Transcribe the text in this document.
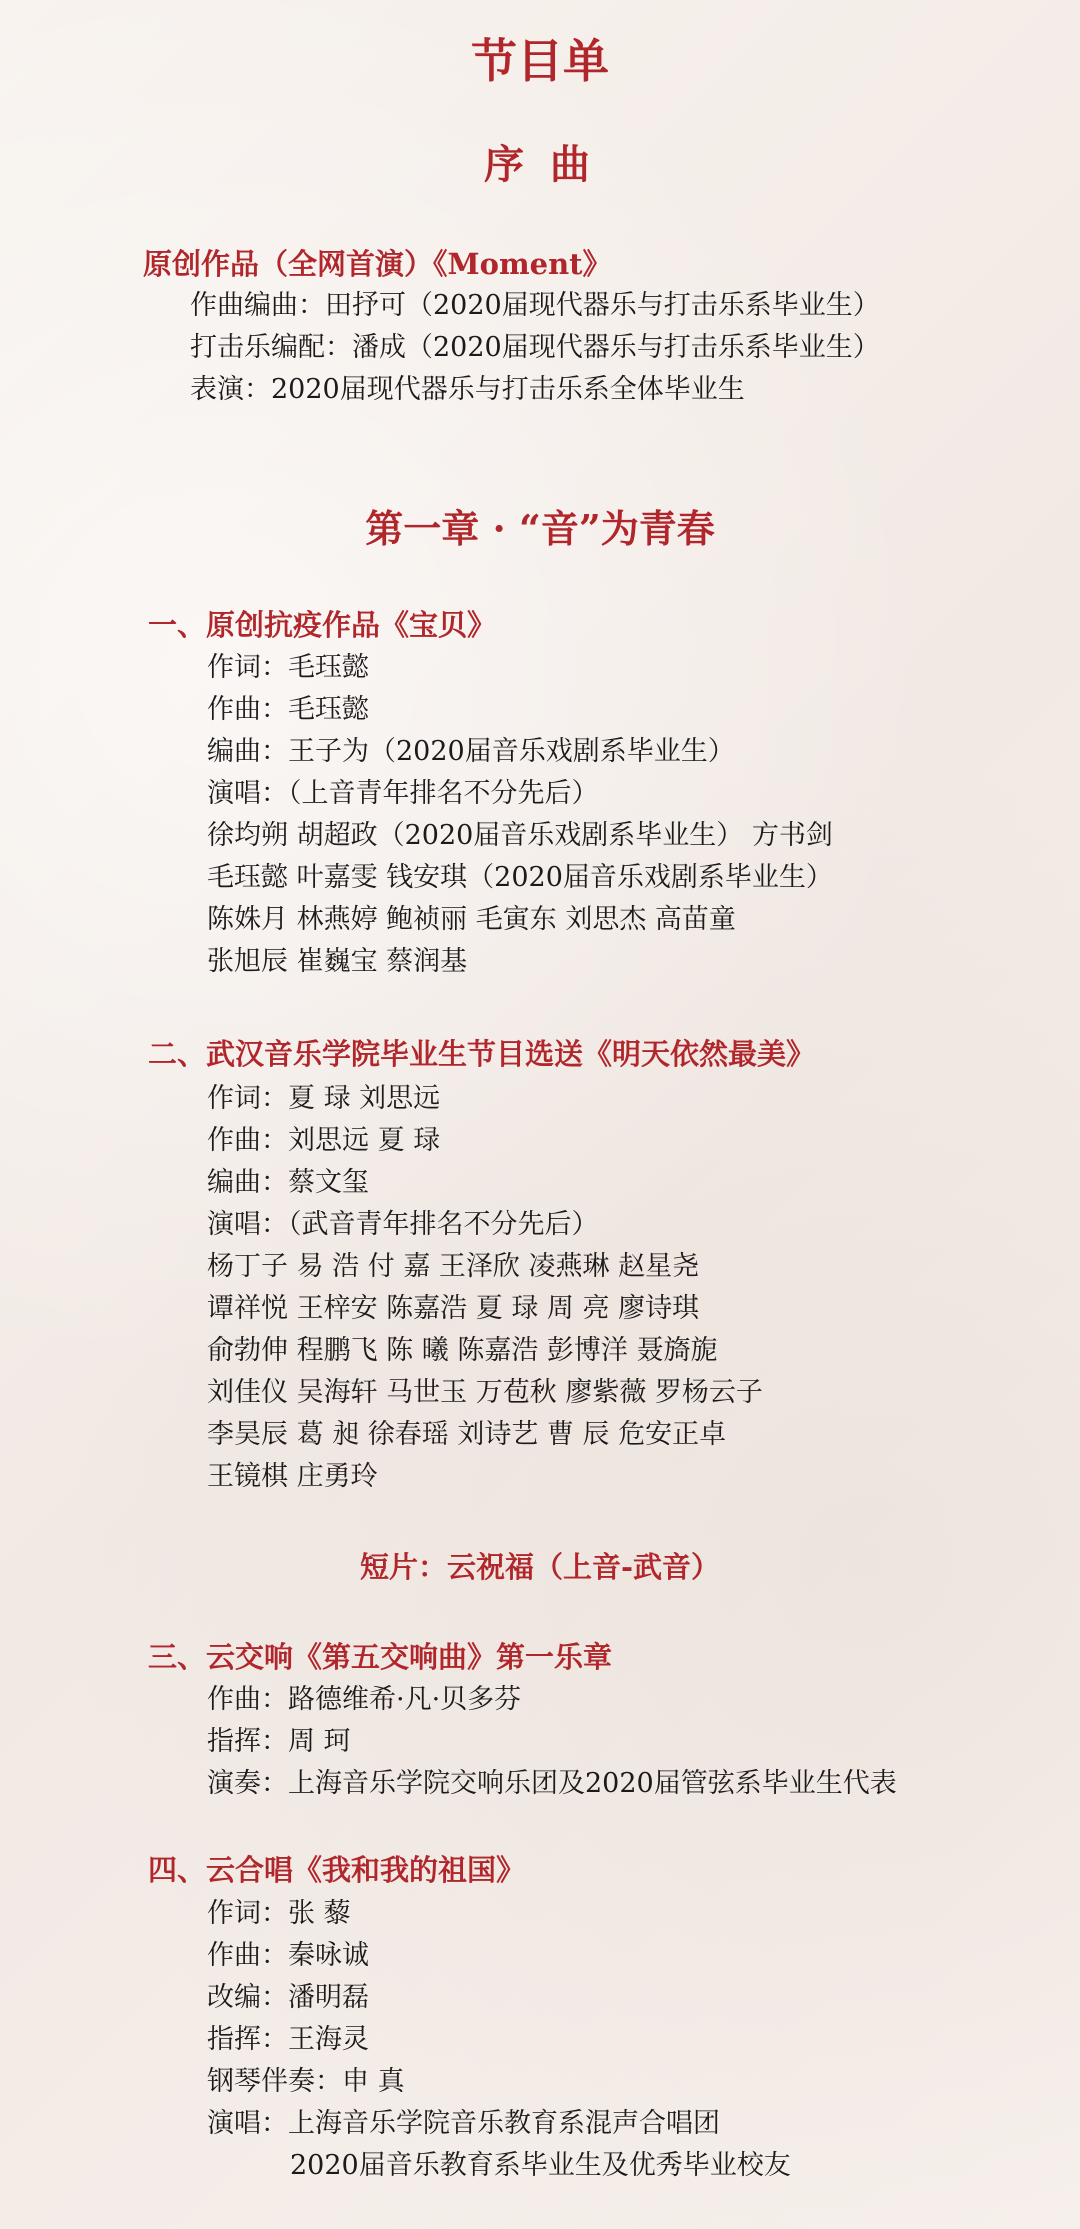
节目单
序 曲
原创作品（全网首演）《Moment》
作曲编曲：田抒可（2020届现代器乐与打击乐系毕业生）
打击乐编配：潘成（2020届现代器乐与打击乐系毕业生）
表演：2020届现代器乐与打击乐系全体毕业生
第一章 · “音”为青春
一、原创抗疫作品《宝贝》
作词：毛珏懿
作曲：毛珏懿
编曲：王子为（2020届音乐戏剧系毕业生）
演唱：（上音青年排名不分先后）
徐均朔 胡超政（2020届音乐戏剧系毕业生） 方书剑
毛珏懿 叶嘉雯 钱安琪（2020届音乐戏剧系毕业生）
陈姝月 林燕婷 鲍祯丽 毛寅东 刘思杰 高苗童
张旭辰 崔巍宝 蔡润基
二、武汉音乐学院毕业生节目选送《明天依然最美》
作词：夏 琭 刘思远
作曲：刘思远 夏 琭
编曲：蔡文玺
演唱：（武音青年排名不分先后）
杨丁子 易 浩 付 嘉 王泽欣 凌燕琳 赵星尧
谭祥悦 王梓安 陈嘉浩 夏 琭 周 亮 廖诗琪
俞勃伸 程鹏飞 陈 曦 陈嘉浩 彭博洋 聂旖旎
刘佳仪 吴海轩 马世玉 万苞秋 廖紫薇 罗杨云子
李昊辰 葛 昶 徐春瑶 刘诗艺 曹 辰 危安正卓
王镜棋 庄勇玲
短片：云祝福（上音-武音）
三、云交响《第五交响曲》第一乐章
作曲：路德维希·凡·贝多芬
指挥：周 珂
演奏：上海音乐学院交响乐团及2020届管弦系毕业生代表
四、云合唱《我和我的祖国》
作词：张 藜
作曲：秦咏诚
改编：潘明磊
指挥：王海灵
钢琴伴奏：申 真
演唱：上海音乐学院音乐教育系混声合唱团
2020届音乐教育系毕业生及优秀毕业校友
